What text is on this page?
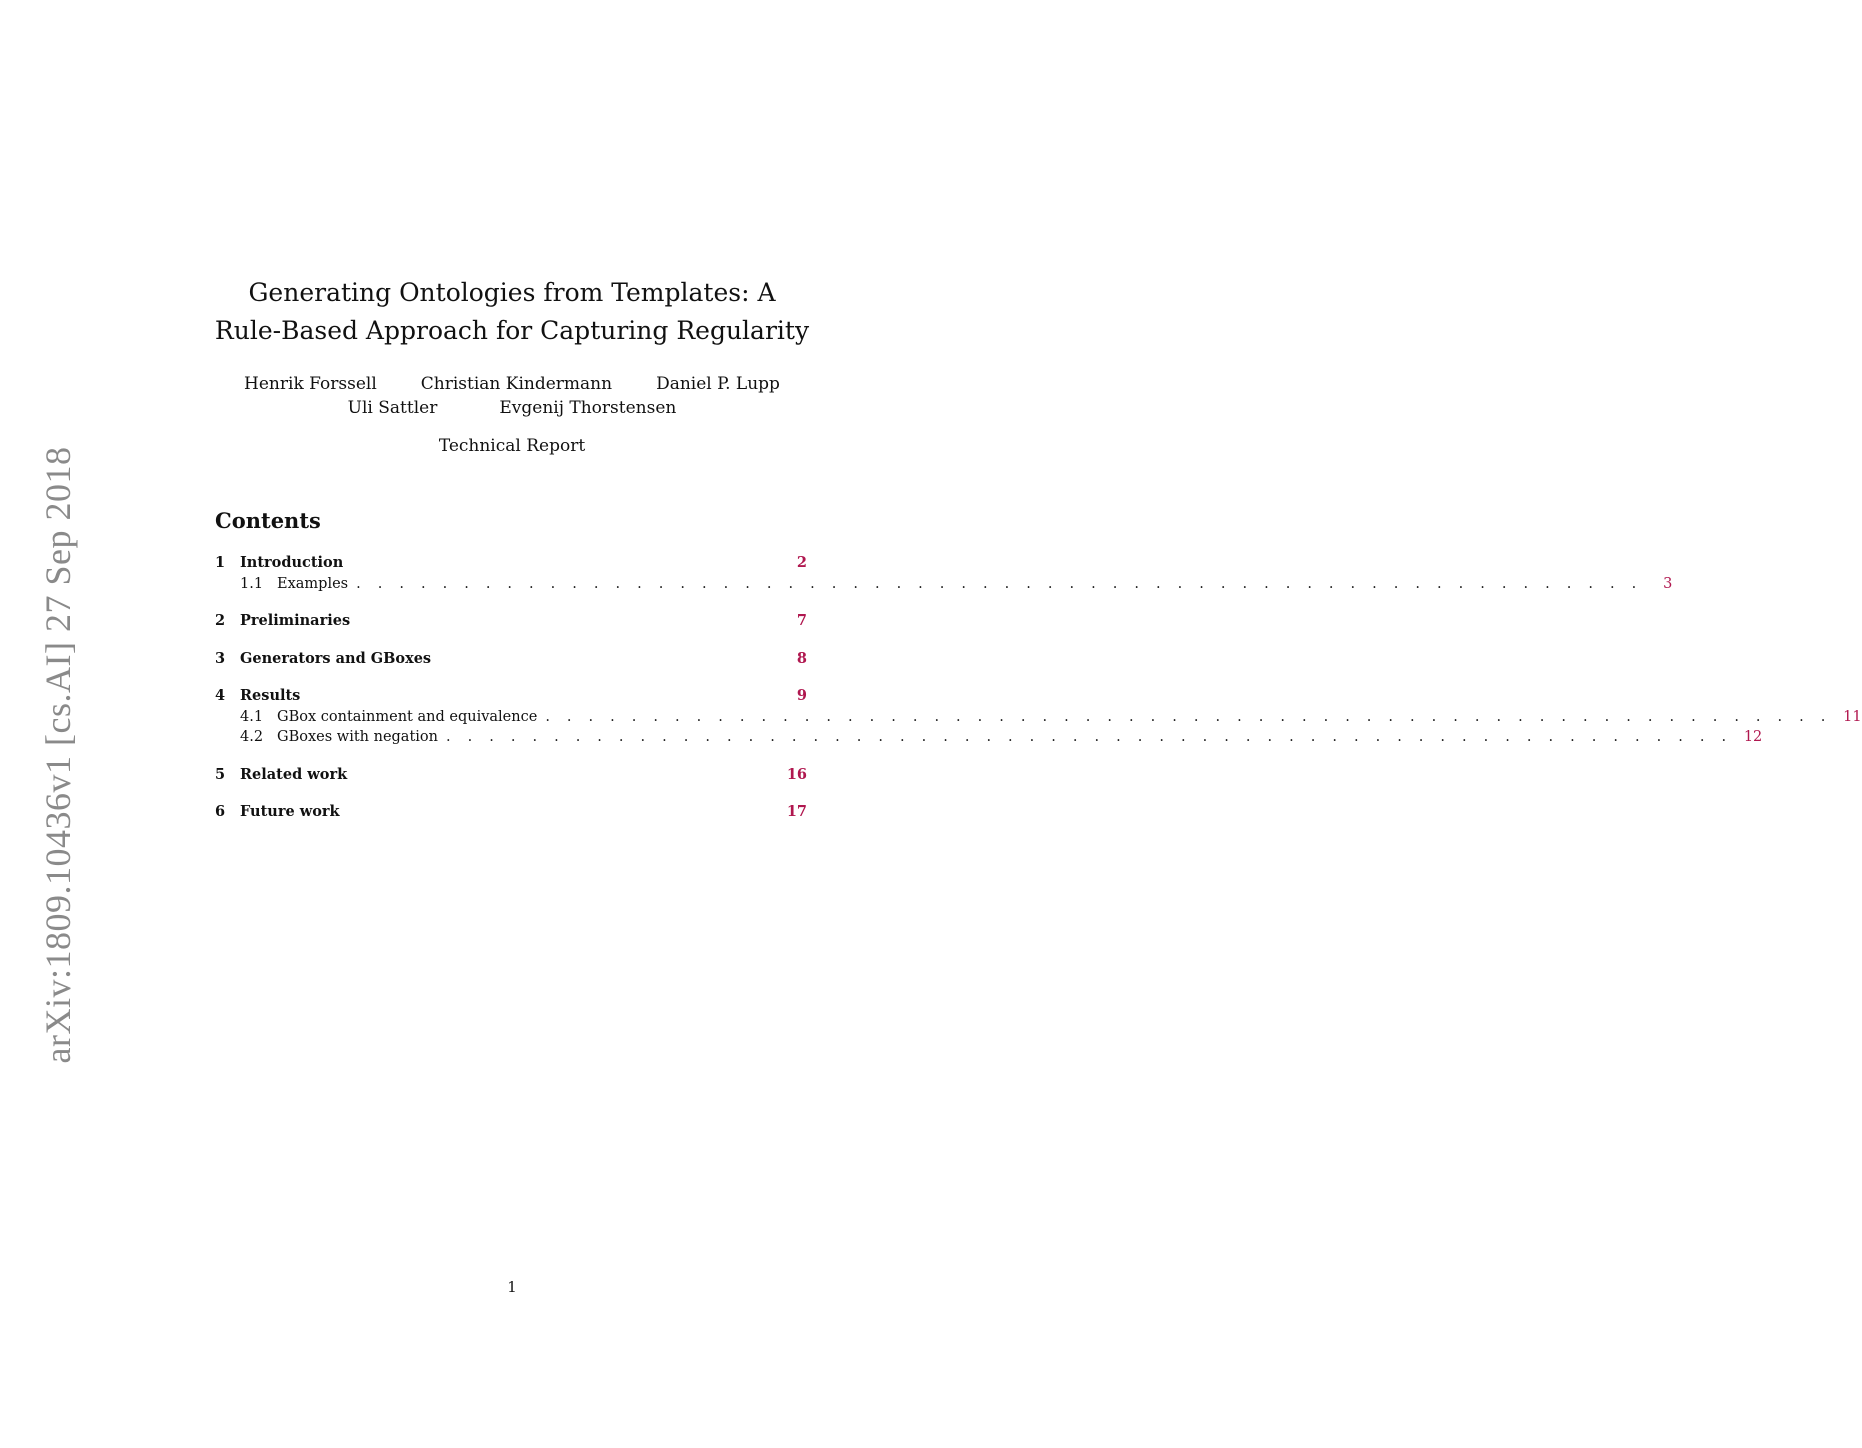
arXiv:1809.10436v1 [cs.AI] 27 Sep 2018
Generating Ontologies from Templates: A
Rule-Based Approach for Capturing Regularity
Henrik Forssell	Christian Kindermann	Daniel P. Lupp
Uli Sattler	Evgenij Thorstensen
Technical Report
Contents
1	Introduction	2
1.1 Examples . . . . . . . . . . . . . . . . . . . . . . . . . . . . . . . . . . . . . . . . . . . . . . . . . . . . . . . . . . . .	3
2	Preliminaries	7
3	Generators and GBoxes	8
4	Results	9
4.1 GBox containment and equivalence . . . . . . . . . . . . . . . . . . . . . . . . . . . . . . . . . . . . . . . . . . . . . . . . . . . . . . . . . . . . 11
4.2 GBoxes with negation . . . . . . . . . . . . . . . . . . . . . . . . . . . . . . . . . . . . . . . . . . . . . . . . . . . . . . . . . . . . 12
5	Related work	16
6	Future work	17
1
